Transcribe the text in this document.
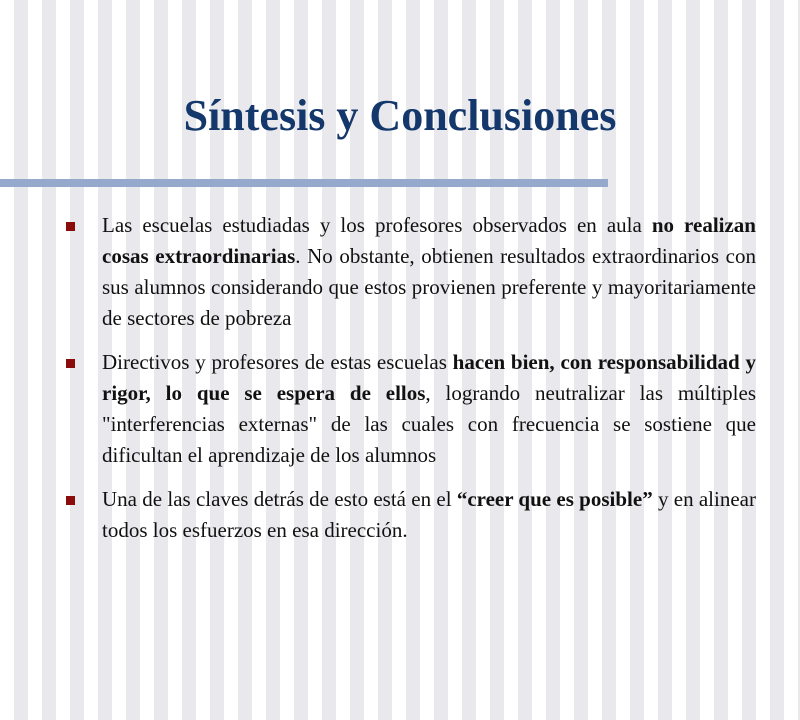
Síntesis y Conclusiones

Las escuelas estudiadas y los profesores observados en aula no realizan cosas extraordinarias. No obstante, obtienen resultados extraordinarios con sus alumnos considerando que estos provienen preferente y mayoritariamente de sectores de pobreza

Directivos y profesores de estas escuelas hacen bien, con responsabilidad y rigor, lo que se espera de ellos, logrando neutralizar las múltiples "interferencias externas" de las cuales con frecuencia se sostiene que dificultan el aprendizaje de los alumnos

Una de las claves detrás de esto está en el “creer que es posible” y en alinear todos los esfuerzos en esa dirección.
